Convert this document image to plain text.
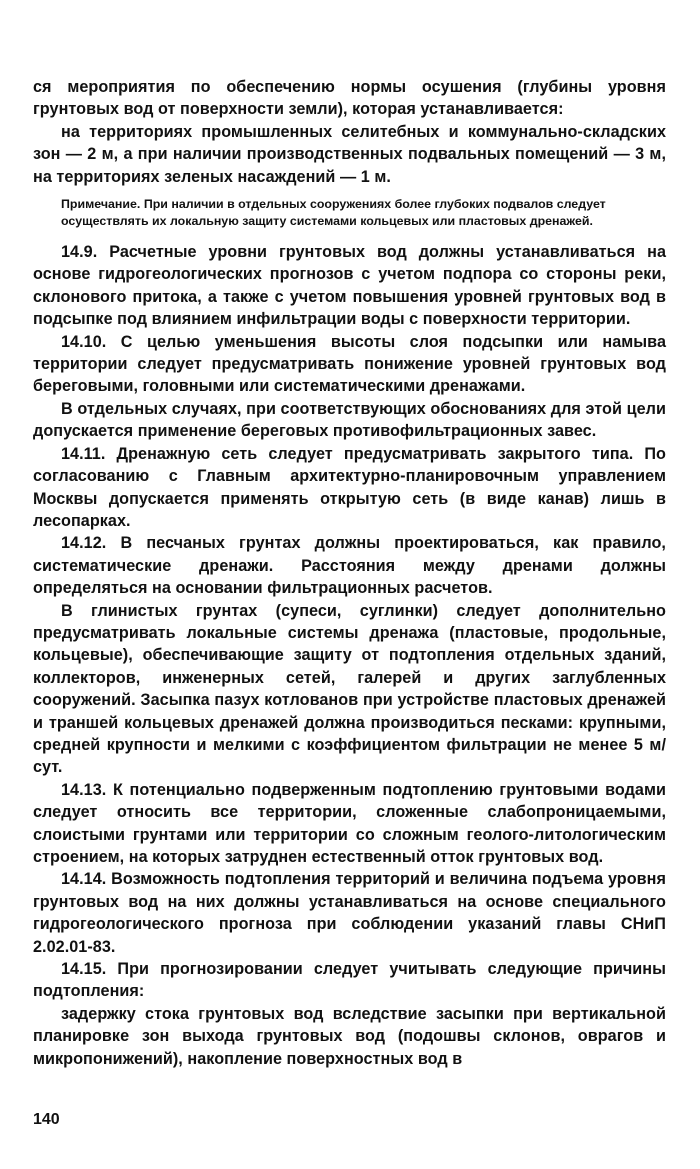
ся мероприятия по обеспечению нормы осушения (глубины уровня грунтовых вод от поверхности земли), которая устанавливается:

на территориях промышленных селитебных и коммунально-складских зон — 2 м, а при наличии производственных подвальных помещений — 3 м, на территориях зеленых насаждений — 1 м.

Примечание. При наличии в отдельных сооружениях более глубоких подвалов следует осуществлять их локальную защиту системами кольцевых или пластовых дренажей.

14.9. Расчетные уровни грунтовых вод должны устанавливаться на основе гидрогеологических прогнозов с учетом подпора со стороны реки, склонового притока, а также с учетом повышения уровней грунтовых вод в подсыпке под влиянием инфильтрации воды с поверхности территории.

14.10. С целью уменьшения высоты слоя подсыпки или намыва территории следует предусматривать понижение уровней грунтовых вод береговыми, головными или систематическими дренажами.

В отдельных случаях, при соответствующих обоснованиях для этой цели допускается применение береговых противофильтрационных завес.

14.11. Дренажную сеть следует предусматривать закрытого типа. По согласованию с Главным архитектурно-планировочным управлением Москвы допускается применять открытую сеть (в виде канав) лишь в лесопарках.

14.12. В песчаных грунтах должны проектироваться, как правило, систематические дренажи. Расстояния между дренами должны определяться на основании фильтрационных расчетов.

В глинистых грунтах (супеси, суглинки) следует дополнительно предусматривать локальные системы дренажа (пластовые, продольные, кольцевые), обеспечивающие защиту от подтопления отдельных зданий, коллекторов, инженерных сетей, галерей и других заглубленных сооружений. Засыпка пазух котлованов при устройстве пластовых дренажей и траншей кольцевых дренажей должна производиться песками: крупными, средней крупности и мелкими с коэффициентом фильтрации не менее 5 м/сут.

14.13. К потенциально подверженным подтоплению грунтовыми водами следует относить все территории, сложенные слабопроницаемыми, слоистыми грунтами или территории со сложным геолого-литологическим строением, на которых затруднен естественный отток грунтовых вод.

14.14. Возможность подтопления территорий и величина подъема уровня грунтовых вод на них должны устанавливаться на основе специального гидрогеологического прогноза при соблюдении указаний главы СНиП 2.02.01-83.

14.15. При прогнозировании следует учитывать следующие причины подтопления:

задержку стока грунтовых вод вследствие засыпки при вертикальной планировке зон выхода грунтовых вод (подошвы склонов, оврагов и микропонижений), накопление поверхностных вод в

140
